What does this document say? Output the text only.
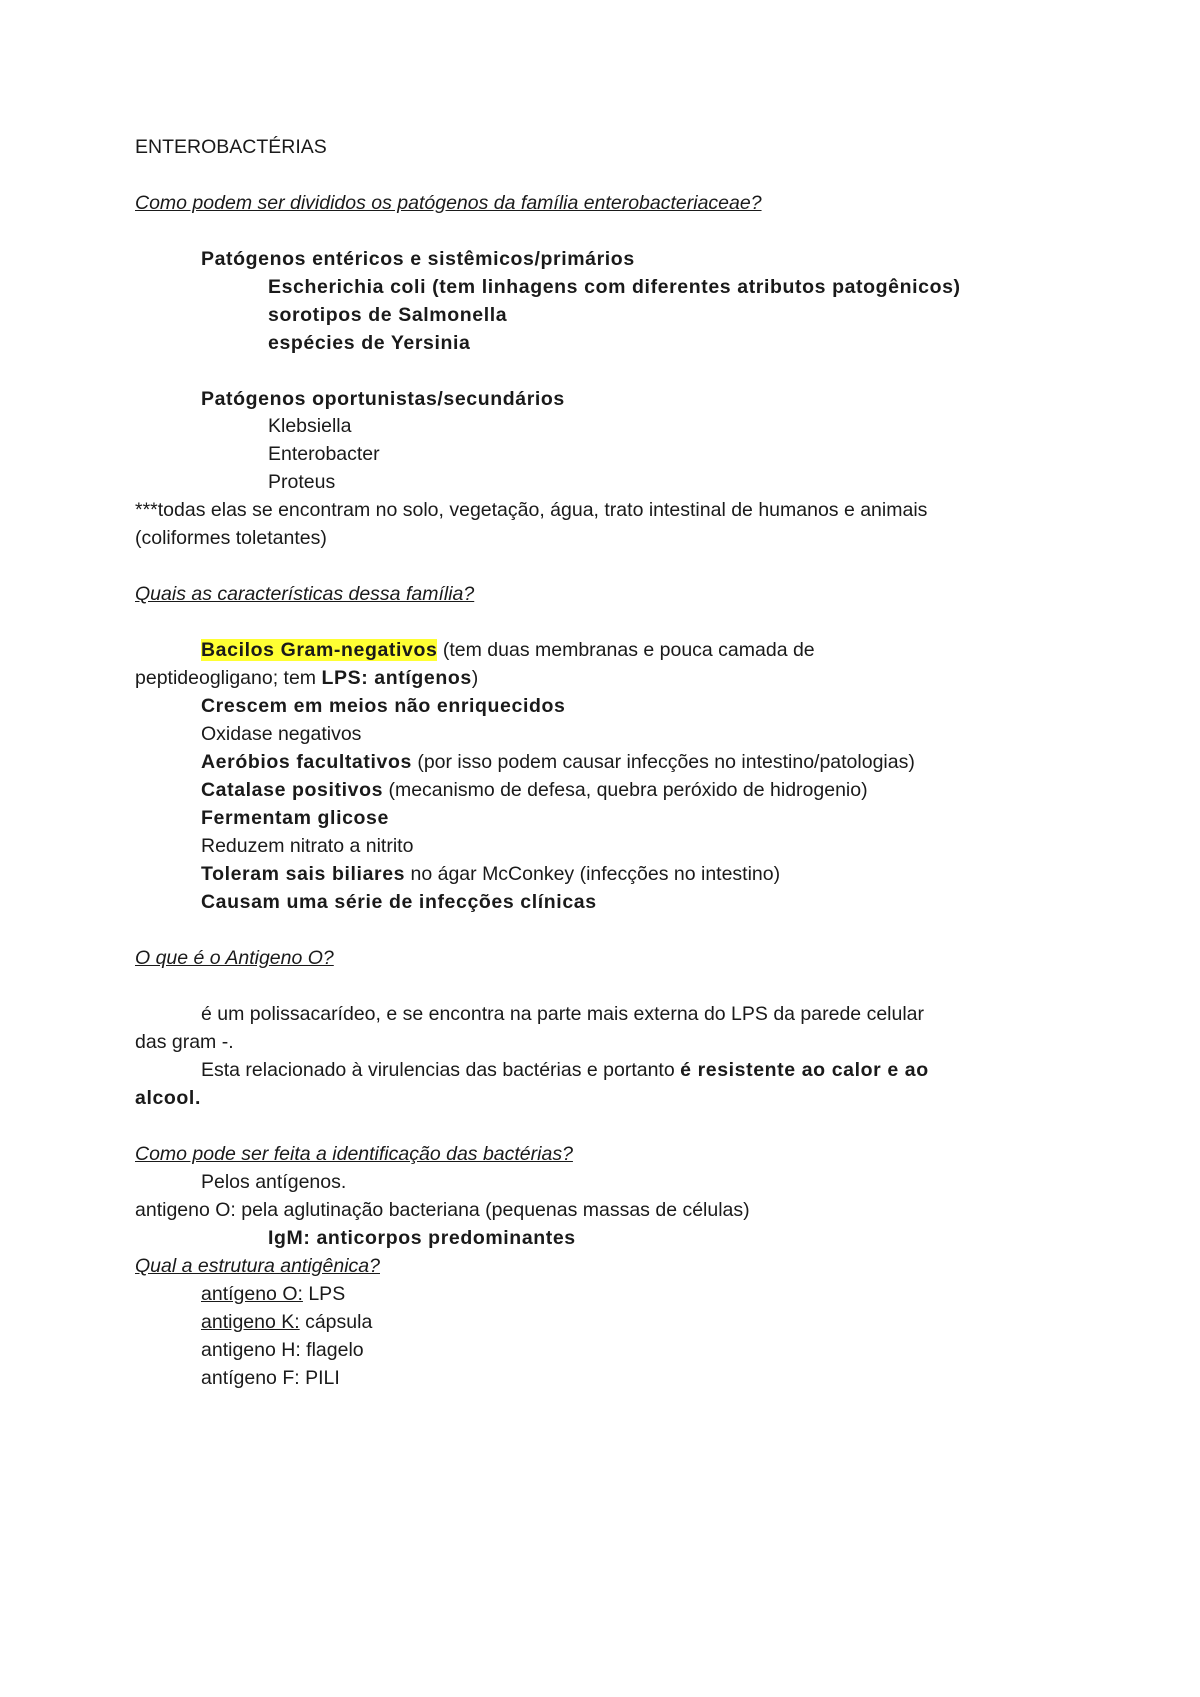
ENTEROBACTÉRIAS
Como podem ser divididos os patógenos da família enterobacteriaceae?
Patógenos entéricos e sistêmicos/primários
Escherichia coli (tem linhagens com diferentes atributos patogênicos)
sorotipos de Salmonella
espécies de Yersinia
Patógenos oportunistas/secundários
Klebsiella
Enterobacter
Proteus
***todas elas se encontram no solo, vegetação, água, trato intestinal de humanos e animais
(coliformes toletantes)
Quais as características dessa família?
Bacilos Gram-negativos (tem duas membranas e pouca camada de
peptideogligano; tem LPS: antígenos)
Crescem em meios não enriquecidos
Oxidase negativos
Aeróbios facultativos (por isso podem causar infecções no intestino/patologias)
Catalase positivos (mecanismo de defesa, quebra peróxido de hidrogenio)
Fermentam glicose
Reduzem nitrato a nitrito
Toleram sais biliares no ágar McConkey (infecções no intestino)
Causam uma série de infecções clínicas
O que é o Antigeno O?
é um polissacarídeo, e se encontra na parte mais externa do LPS da parede celular
das gram -.
Esta relacionado à virulencias das bactérias e portanto é resistente ao calor e ao
alcool.
Como pode ser feita a identificação das bactérias?
Pelos antígenos.
antigeno O: pela aglutinação bacteriana (pequenas massas de células)
IgM: anticorpos predominantes
Qual a estrutura antigênica?
antígeno O: LPS
antigeno K: cápsula
antigeno H: flagelo
antígeno F: PILI
